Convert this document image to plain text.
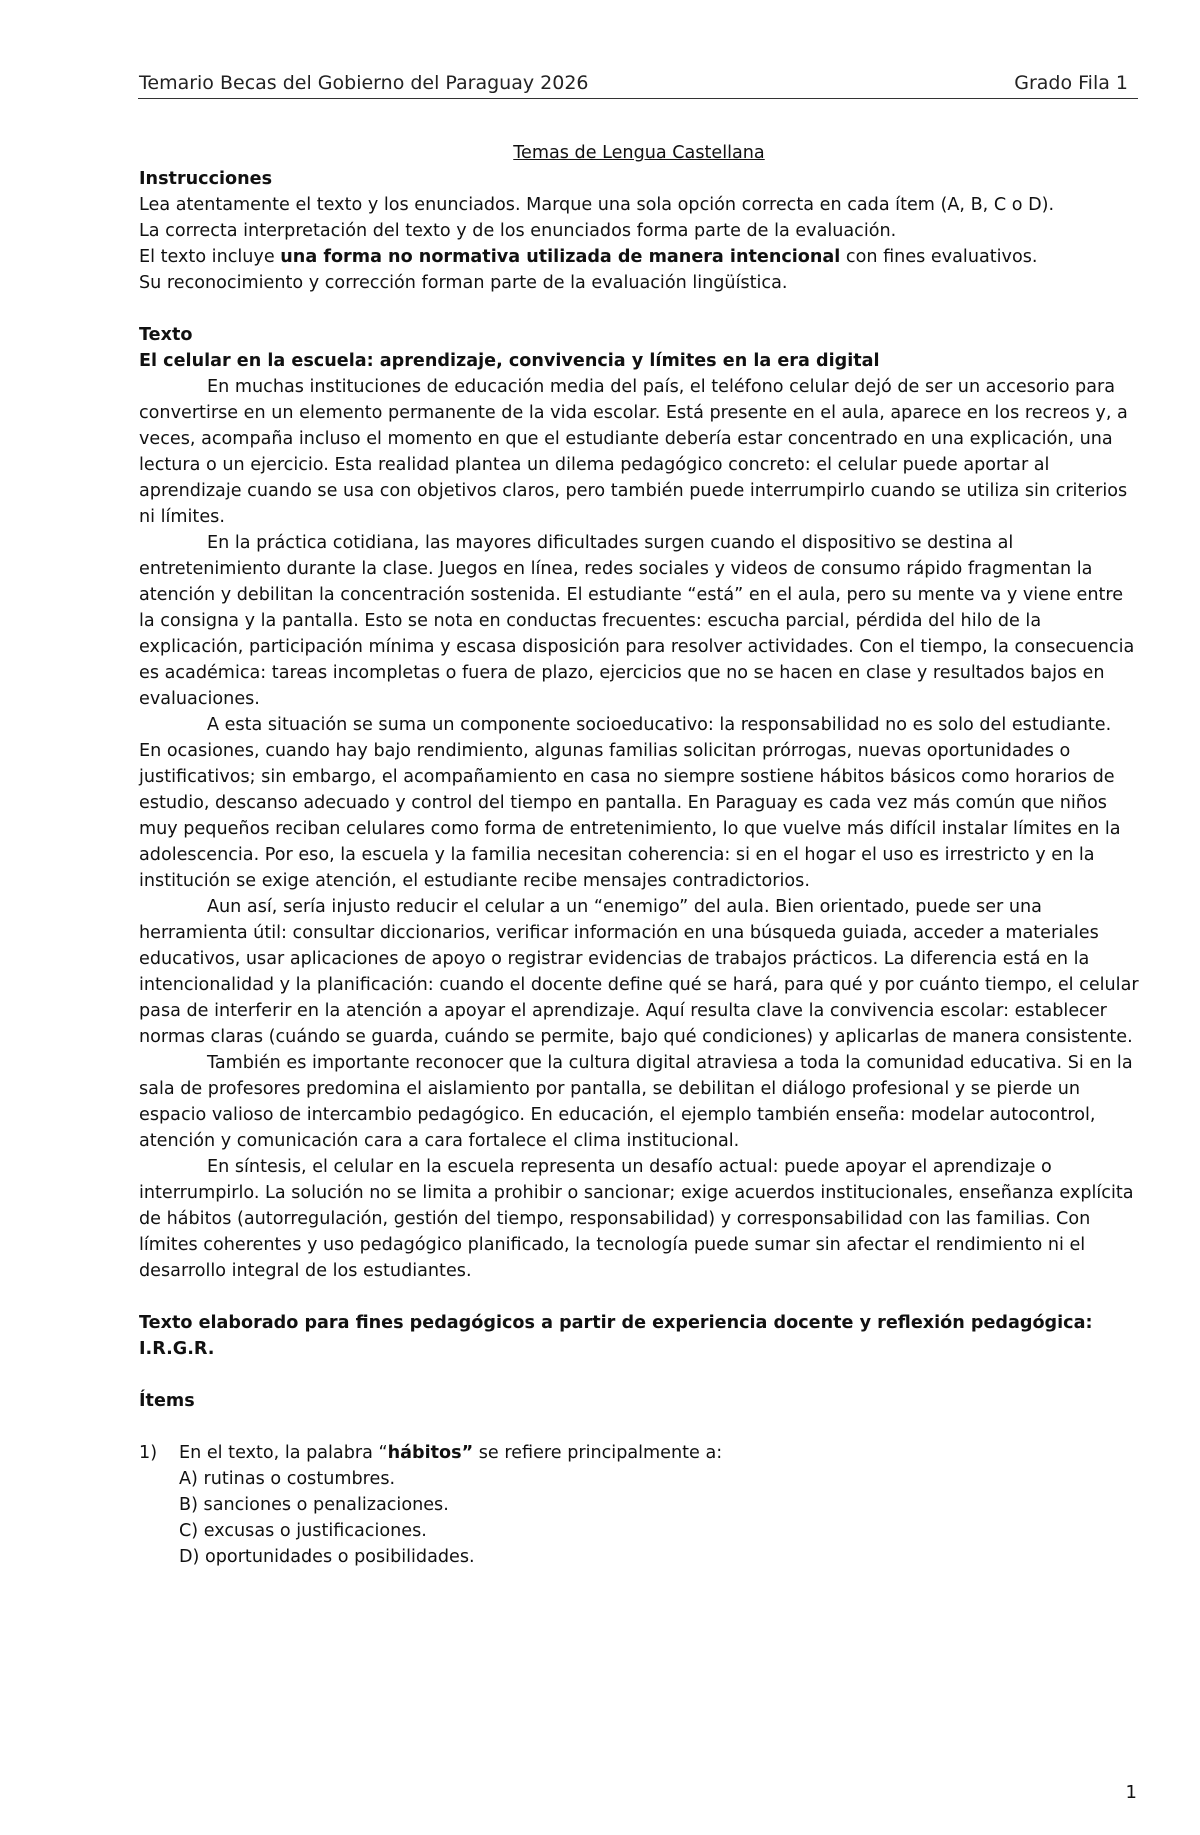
Temario Becas del Gobierno del Paraguay 2026	Grado Fila 1

Temas de Lengua Castellana

Instrucciones

Lea atentamente el texto y los enunciados. Marque una sola opción correcta en cada ítem (A, B, C o D).

La correcta interpretación del texto y de los enunciados forma parte de la evaluación.

El texto incluye una forma no normativa utilizada de manera intencional con fines evaluativos.

Su reconocimiento y corrección forman parte de la evaluación lingüística.

Texto

El celular en la escuela: aprendizaje, convivencia y límites en la era digital

En muchas instituciones de educación media del país, el teléfono celular dejó de ser un accesorio para convertirse en un elemento permanente de la vida escolar. Está presente en el aula, aparece en los recreos y, a veces, acompaña incluso el momento en que el estudiante debería estar concentrado en una explicación, una lectura o un ejercicio. Esta realidad plantea un dilema pedagógico concreto: el celular puede aportar al aprendizaje cuando se usa con objetivos claros, pero también puede interrumpirlo cuando se utiliza sin criterios ni límites.

En la práctica cotidiana, las mayores dificultades surgen cuando el dispositivo se destina al entretenimiento durante la clase. Juegos en línea, redes sociales y videos de consumo rápido fragmentan la atención y debilitan la concentración sostenida. El estudiante “está” en el aula, pero su mente va y viene entre la consigna y la pantalla. Esto se nota en conductas frecuentes: escucha parcial, pérdida del hilo de la explicación, participación mínima y escasa disposición para resolver actividades. Con el tiempo, la consecuencia es académica: tareas incompletas o fuera de plazo, ejercicios que no se hacen en clase y resultados bajos en evaluaciones.

A esta situación se suma un componente socioeducativo: la responsabilidad no es solo del estudiante. En ocasiones, cuando hay bajo rendimiento, algunas familias solicitan prórrogas, nuevas oportunidades o justificativos; sin embargo, el acompañamiento en casa no siempre sostiene hábitos básicos como horarios de estudio, descanso adecuado y control del tiempo en pantalla. En Paraguay es cada vez más común que niños muy pequeños reciban celulares como forma de entretenimiento, lo que vuelve más difícil instalar límites en la adolescencia. Por eso, la escuela y la familia necesitan coherencia: si en el hogar el uso es irrestricto y en la institución se exige atención, el estudiante recibe mensajes contradictorios.

Aun así, sería injusto reducir el celular a un “enemigo” del aula. Bien orientado, puede ser una herramienta útil: consultar diccionarios, verificar información en una búsqueda guiada, acceder a materiales educativos, usar aplicaciones de apoyo o registrar evidencias de trabajos prácticos. La diferencia está en la intencionalidad y la planificación: cuando el docente define qué se hará, para qué y por cuánto tiempo, el celular pasa de interferir en la atención a apoyar el aprendizaje. Aquí resulta clave la convivencia escolar: establecer normas claras (cuándo se guarda, cuándo se permite, bajo qué condiciones) y aplicarlas de manera consistente.

También es importante reconocer que la cultura digital atraviesa a toda la comunidad educativa. Si en la sala de profesores predomina el aislamiento por pantalla, se debilitan el diálogo profesional y se pierde un espacio valioso de intercambio pedagógico. En educación, el ejemplo también enseña: modelar autocontrol, atención y comunicación cara a cara fortalece el clima institucional.

En síntesis, el celular en la escuela representa un desafío actual: puede apoyar el aprendizaje o interrumpirlo. La solución no se limita a prohibir o sancionar; exige acuerdos institucionales, enseñanza explícita de hábitos (autorregulación, gestión del tiempo, responsabilidad) y corresponsabilidad con las familias. Con límites coherentes y uso pedagógico planificado, la tecnología puede sumar sin afectar el rendimiento ni el desarrollo integral de los estudiantes.

Texto elaborado para fines pedagógicos a partir de experiencia docente y reflexión pedagógica: I.R.G.R.

Ítems

1) En el texto, la palabra “hábitos” se refiere principalmente a:

A) rutinas o costumbres.

B) sanciones o penalizaciones.

C) excusas o justificaciones.

D) oportunidades o posibilidades.

1
